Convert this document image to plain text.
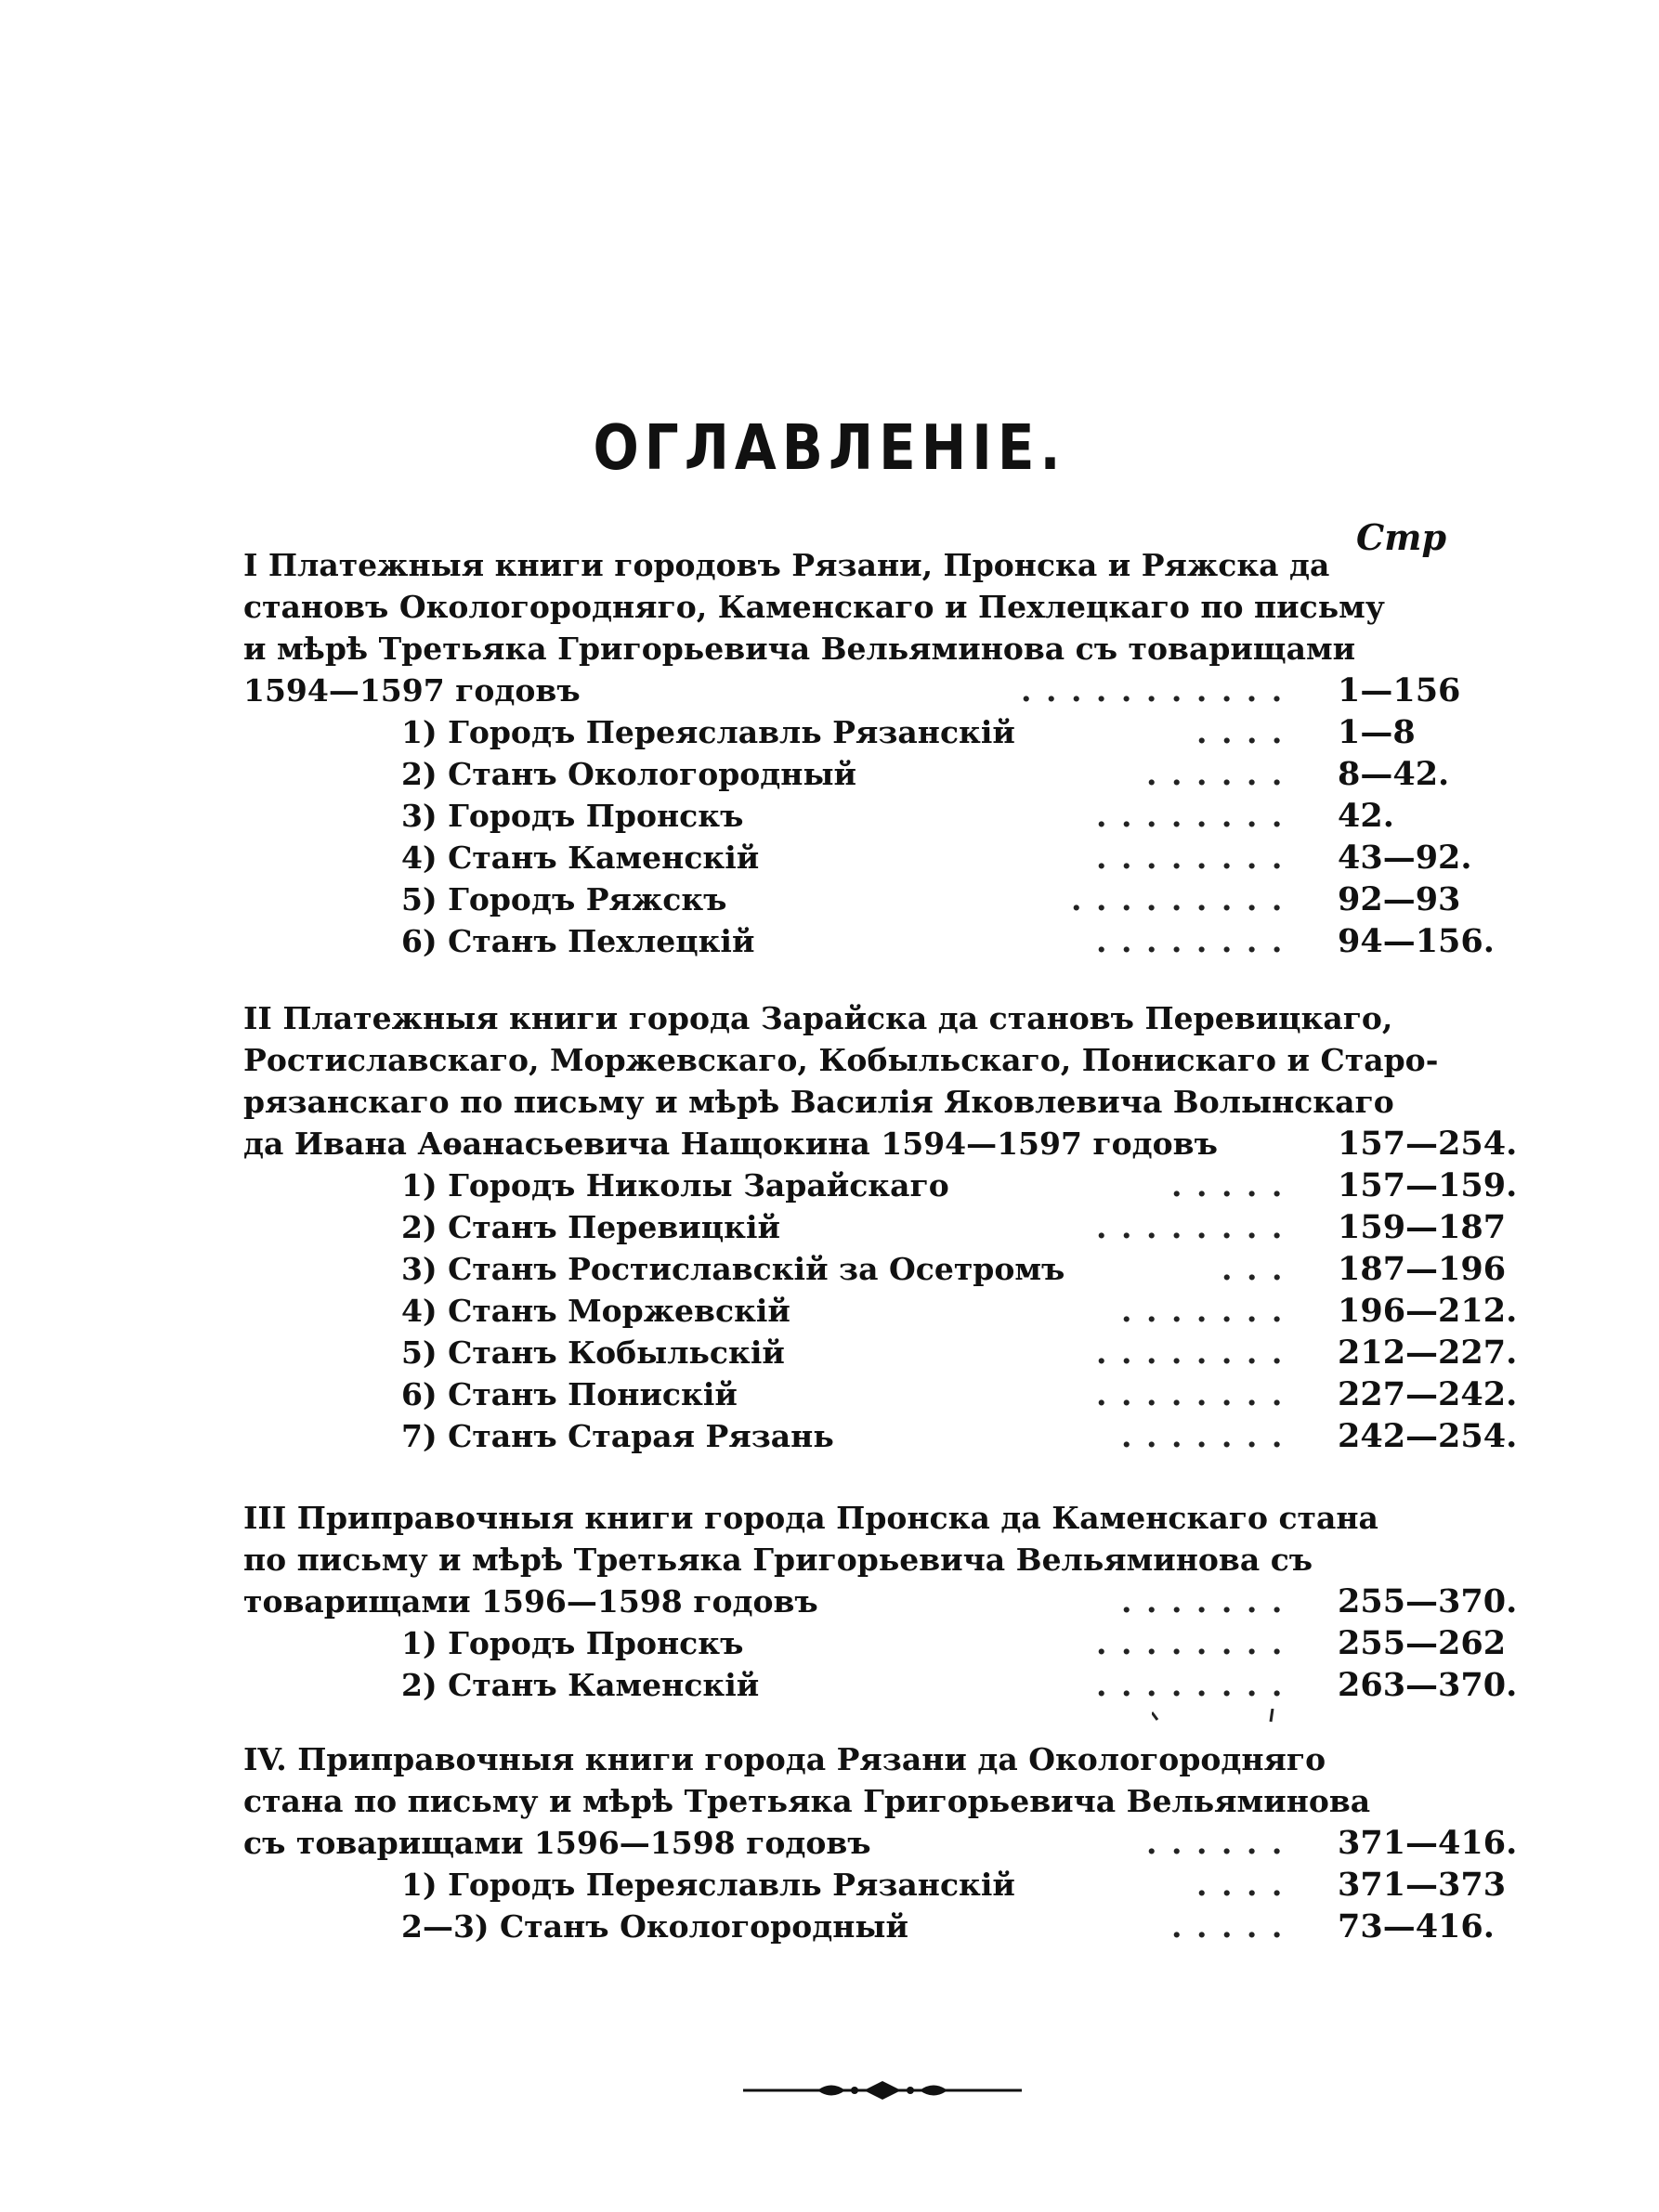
ОГЛАВЛЕНІЕ.
Стр
I Платежныя книги городовъ Рязани, Пронска и Ряжска да
становъ Окологородняго, Каменскаго и Пехлецкаго по письму
и мѣрѣ Третьяка Григорьевича Вельяминова съ товарищами
1594—1597 годовъ	. . . . . . . . . . . 1—156
1) Городъ Переяславль Рязанскій	. . . . 1—8
2) Станъ Окологородный	. . . . . . 8—42.
3) Городъ Пронскъ	. . . . . . . . 42.
4) Станъ Каменскій	. . . . . . . . 43—92.
5) Городъ Ряжскъ	. . . . . . . . . 92—93
6) Станъ Пехлецкій	. . . . . . . . 94—156.
II Платежныя книги города Зарайска да становъ Перевицкаго,
Ростиславскаго, Моржевскаго, Кобыльскаго, Понискаго и Старо-
рязанскаго по письму и мѣрѣ Василія Яковлевича Волынскаго
да Ивана Аѳанасьевича Нащокина 1594—1597 годовъ	157—254.
1) Городъ Николы Зарайскаго	. . . . . 157—159.
2) Станъ Перевицкій	. . . . . . . . 159—187
3) Станъ Ростиславскій за Осетромъ	. . . 187—196
4) Станъ Моржевскій	. . . . . . . 196—212.
5) Станъ Кобыльскій	. . . . . . . . 212—227.
6) Станъ Понискій	. . . . . . . . 227—242.
7) Станъ Старая Рязань	. . . . . . . 242—254.
III Приправочныя книги города Пронска да Каменскаго стана
по письму и мѣрѣ Третьяка Григорьевича Вельяминова съ
товарищами 1596—1598 годовъ	. . . . . . . 255—370.
1) Городъ Пронскъ	. . . . . . . . 255—262
2) Станъ Каменскій	. . . . . . . . 263—370.
IV. Приправочныя книги города Рязани да Окологородняго
стана по письму и мѣрѣ Третьяка Григорьевича Вельяминова
съ товарищами 1596—1598 годовъ	. . . . . . 371—416.
1) Городъ Переяславль Рязанскій	. . . . 371—373
2—3) Станъ Окологородный	. . . . . 73—416.
